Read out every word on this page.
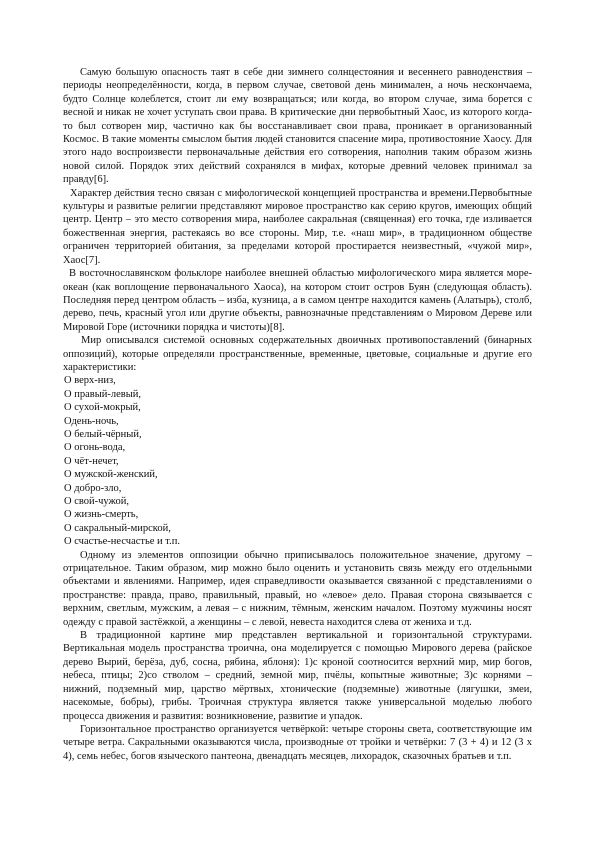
Самую большую опасность таят в себе дни зимнего солнцестояния и весеннего равноденствия – периоды неопределённости, когда, в первом случае, световой день минимален, а ночь нескончаема, будто Солнце колеблется, стоит ли ему возвращаться; или когда, во втором случае, зима борется с весной и никак не хочет уступать свои права. В критические дни первобытный Хаос, из которого когда-то был сотворен мир, частично как бы восстанавливает свои права, проникает в организованный Космос. В такие моменты смыслом бытия людей становится спасение мира, противостояние Хаосу. Для этого надо воспроизвести первоначальные действия его сотворения, наполнив таким образом жизнь новой силой. Порядок этих действий сохранялся в мифах, которые древний человек принимал за правду[6].

Характер действия тесно связан с мифологической концепцией пространства и времени.Первобытные культуры и развитые религии представляют мировое пространство как серию кругов, имеющих общий центр. Центр – это место сотворения мира, наиболее сакральная (священная) его точка, где изливается божественная энергия, растекаясь во все стороны. Мир, т.е. «наш мир», в традиционном обществе ограничен территорией обитания, за пределами которой простирается неизвестный, «чужой мир», Хаос[7].

В восточнославянском фольклоре наиболее внешней областью мифологического мира является море-океан (как воплощение первоначального Хаоса), на котором стоит остров Буян (следующая область). Последняя перед центром область – изба, кузница, а в самом центре находится камень (Алатырь), столб, дерево, печь, красный угол или другие объекты, равнозначные представлениям о Мировом Дереве или Мировой Горе (источники порядка и чистоты)[8].

Мир описывался системой основных содержательных двоичных противопоставлений (бинарных оппозиций), которые определяли пространственные, временные, цветовые, социальные и другие его характеристики:

О верх-низ,
О правый-левый,
О сухой-мокрый,
Одень-ночь,
О белый-чёрный,
О огонь-вода,
О чёт-нечет,
О мужской-женский,
О добро-зло,
О свой-чужой,
О жизнь-смерть,
О сакральный-мирской,
О счастье-несчастье и т.п.

Одному из элементов оппозиции обычно приписывалось положительное значение, другому – отрицательное. Таким образом, мир можно было оценить и установить связь между его отдельными объектами и явлениями. Например, идея справедливости оказывается связанной с представлениями о пространстве: правда, право, правильный, правый, но «левое» дело. Правая сторона связывается с верхним, светлым, мужским, а левая – с нижним, тёмным, женским началом. Поэтому мужчины носят одежду с правой застёжкой, а женщины – с левой, невеста находится слева от жениха и т.д.

В традиционной картине мир представлен вертикальной и горизонтальной структурами. Вертикальная модель пространства троична, она моделируется с помощью Мирового дерева (райское дерево Вырий, берёза, дуб, сосна, рябина, яблоня): 1)с кроной соотносится верхний мир, мир богов, небеса, птицы; 2)со стволом – средний, земной мир, пчёлы, копытные животные; 3)с корнями – нижний, подземный мир, царство мёртвых, хтонические (подземные) животные (лягушки, змеи, насекомые, бобры), грибы. Троичная структура является также универсальной моделью любого процесса движения и развития: возникновение, развитие и упадок.

Горизонтальное пространство организуется четвёркой: четыре стороны света, соответствующие им четыре ветра. Сакральными оказываются числа, производные от тройки и четвёрки: 7 (3 + 4) и 12 (3 х 4), семь небес, богов языческого пантеона, двенадцать месяцев, лихорадок, сказочных братьев и т.п.
